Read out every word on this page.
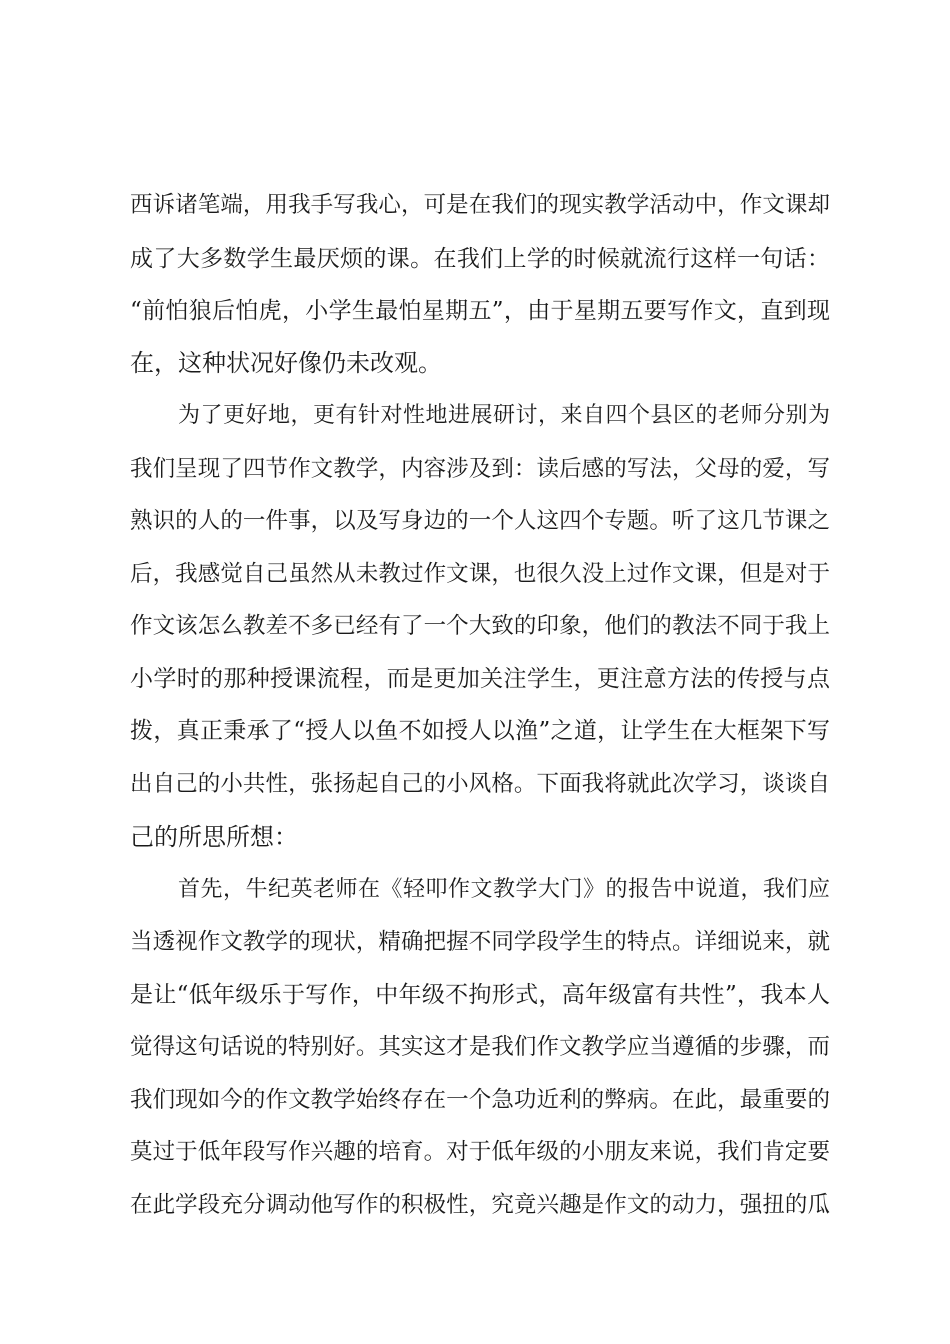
西诉诸笔端，用我手写我心，可是在我们的现实教学活动中，作文课却
成了大多数学生最厌烦的课。在我们上学的时候就流行这样一句话：
“前怕狼后怕虎，小学生最怕星期五”，由于星期五要写作文，直到现
在，这种状况好像仍未改观。
为了更好地，更有针对性地进展研讨，来自四个县区的老师分别为
我们呈现了四节作文教学，内容涉及到：读后感的写法，父母的爱，写
熟识的人的一件事，以及写身边的一个人这四个专题。听了这几节课之
后，我感觉自己虽然从未教过作文课，也很久没上过作文课，但是对于
作文该怎么教差不多已经有了一个大致的印象，他们的教法不同于我上
小学时的那种授课流程，而是更加关注学生，更注意方法的传授与点
拨，真正秉承了“授人以鱼不如授人以渔”之道，让学生在大框架下写
出自己的小共性，张扬起自己的小风格。下面我将就此次学习，谈谈自
己的所思所想：
首先，牛纪英老师在《轻叩作文教学大门》的报告中说道，我们应
当透视作文教学的现状，精确把握不同学段学生的特点。详细说来，就
是让“低年级乐于写作，中年级不拘形式，高年级富有共性”，我本人
觉得这句话说的特别好。其实这才是我们作文教学应当遵循的步骤，而
我们现如今的作文教学始终存在一个急功近利的弊病。在此，最重要的
莫过于低年段写作兴趣的培育。对于低年级的小朋友来说，我们肯定要
在此学段充分调动他写作的积极性，究竟兴趣是作文的动力，强扭的瓜
